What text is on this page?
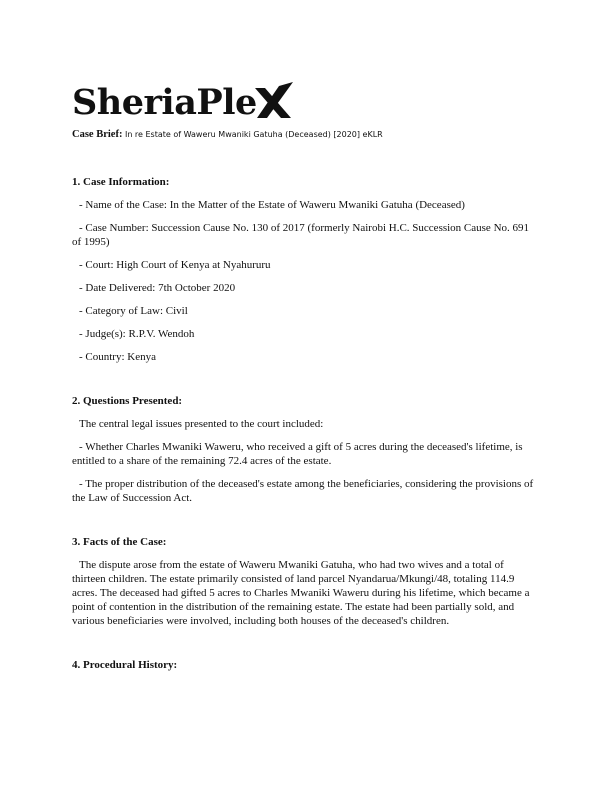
SheriaPle
Case Brief: In re Estate of Waweru Mwaniki Gatuha (Deceased) [2020] eKLR
1. Case Information:
- Name of the Case: In the Matter of the Estate of Waweru Mwaniki Gatuha (Deceased)
- Case Number: Succession Cause No. 130 of 2017 (formerly Nairobi H.C. Succession Cause No. 691 of 1995)
- Court: High Court of Kenya at Nyahururu
- Date Delivered: 7th October 2020
- Category of Law: Civil
- Judge(s): R.P.V. Wendoh
- Country: Kenya
2. Questions Presented:
The central legal issues presented to the court included:
- Whether Charles Mwaniki Waweru, who received a gift of 5 acres during the deceased's lifetime, is entitled to a share of the remaining 72.4 acres of the estate.
- The proper distribution of the deceased's estate among the beneficiaries, considering the provisions of the Law of Succession Act.
3. Facts of the Case:

The dispute arose from the estate of Waweru Mwaniki Gatuha, who had two wives and a total of thirteen children. The estate primarily consisted of land parcel Nyandarua/Mkungi/48, totaling 114.9 acres. The deceased had gifted 5 acres to Charles Mwaniki Waweru during his lifetime, which became a point of contention in the distribution of the remaining estate. The estate had been partially sold, and various beneficiaries were involved, including both houses of the deceased's children.

4. Procedural History:
